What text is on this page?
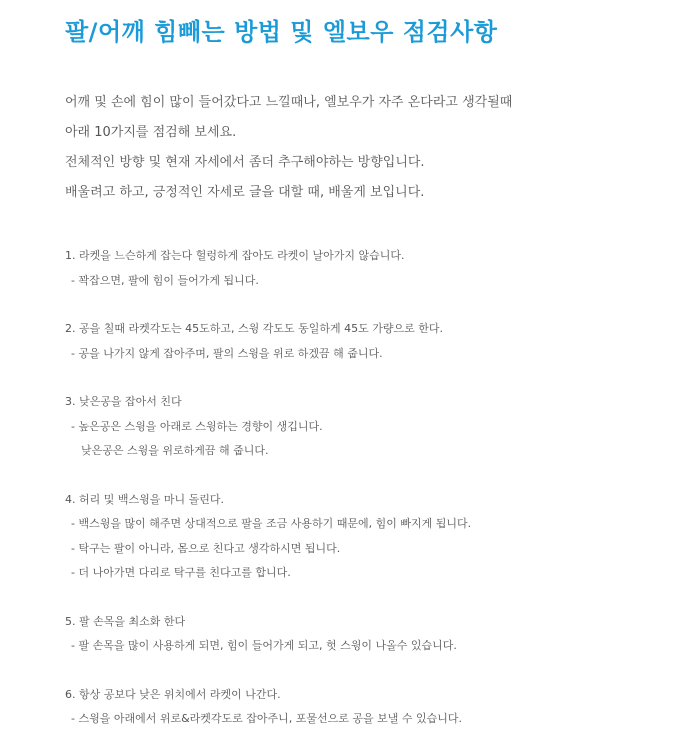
팔/어깨 힘빼는 방법 및 엘보우 점검사항
어깨 및 손에 힘이 많이 들어갔다고 느낄때나, 엘보우가 자주 온다라고 생각될때
아래 10가지를 점검해 보세요.
전체적인 방향 및 현재 자세에서 좀더 추구해야하는 방향입니다.
배울려고 하고, 긍정적인 자세로 글을 대할 때, 배울게 보입니다.
1. 라켓을 느슨하게 잡는다 헐렁하게 잡아도 라켓이 날아가지 않습니다.
- 꽉잡으면, 팔에 힘이 들어가게 됩니다.
2. 공을 칠때 라켓각도는 45도하고, 스윙 각도도 동일하게 45도 가량으로 한다.
- 공을 나가지 않게 잡아주며, 팔의 스윙을 위로 하겠끔 해 줍니다.
3. 낮은공을 잡아서 친다
- 높은공은 스윙을 아래로 스윙하는 경향이 생깁니다.
낮은공은 스윙을 위로하게끔 해 줍니다.
4. 허리 및 백스윙을 마니 돌린다.
- 백스윙을 많이 해주면 상대적으로 팔을 조금 사용하기 때문에, 힘이 빠지게 됩니다.
- 탁구는 팔이 아니라, 몸으로 친다고 생각하시면 됩니다.
- 더 나아가면 다리로 탁구를 친다고를 합니다.
5. 팔 손목을 최소화 한다
- 팔 손목을 많이 사용하게 되면, 힘이 들어가게 되고, 헛 스윙이 나올수 있습니다.
6. 항상 공보다 낮은 위치에서 라켓이 나간다.
- 스윙을 아래에서 위로&라켓각도로 잡아주니, 포물선으로 공을 보낼 수 있습니다.
